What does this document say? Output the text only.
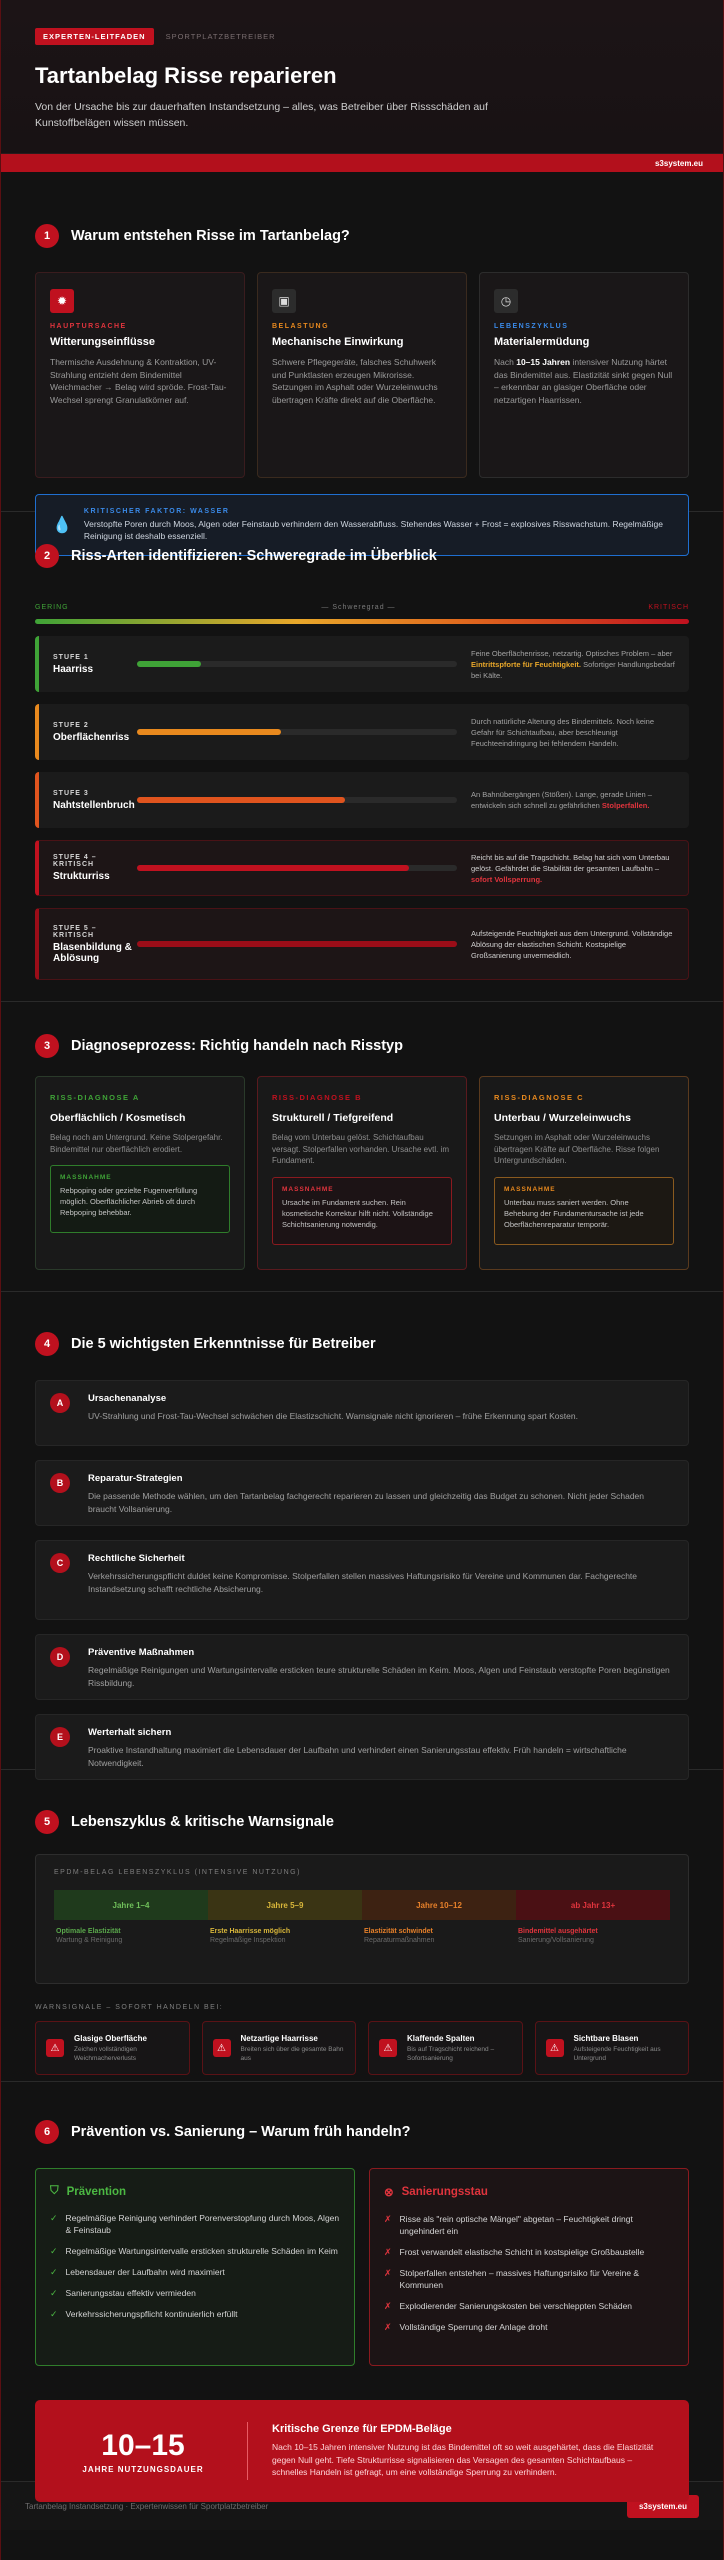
EXPERTEN-LEITFADEN	SPORTPLATZBETREIBER
Tartanbelag Risse reparieren

Von der Ursache bis zur dauerhaften Instandsetzung – alles, was Betreiber über Rissschäden auf Kunstoffbelägen wissen müssen.

s3system.eu
1	Warum entstehen Risse im Tartanbelag?
✹
HAUPTURSACHE
Witterungseinflüsse

Thermische Ausdehnung & Kontraktion, UV-Strahlung entzieht dem Bindemittel Weichmacher → Belag wird spröde. Frost-Tau-Wechsel sprengt Granulatkörner auf.

▣
BELASTUNG
Mechanische Einwirkung

Schwere Pflegegeräte, falsches Schuhwerk und Punktlasten erzeugen Mikrorisse. Setzungen im Asphalt oder Wurzeleinwuchs übertragen Kräfte direkt auf die Oberfläche.

◷
LEBENSZYKLUS
Materialermüdung

Nach 10–15 Jahren intensiver Nutzung härtet das Bindemittel aus. Elastizität sinkt gegen Null – erkennbar an glasiger Oberfläche oder netzartigen Haarrissen.

💧
KRITISCHER FAKTOR: WASSER

Verstopfte Poren durch Moos, Algen oder Feinstaub verhindern den Wasserabfluss. Stehendes Wasser + Frost = explosives Risswachstum. Regelmäßige Reinigung ist deshalb essenziell.

2	Riss-Arten identifizieren: Schweregrade im Überblick
GERING	— Schweregrad —	KRITISCH
STUFE 1
Haarriss
Feine Oberflächenrisse, netzartig. Optisches Problem – aber Eintrittspforte für Feuchtigkeit. Sofortiger Handlungsbedarf bei Kälte.
STUFE 2
Oberflächenriss
Durch natürliche Alterung des Bindemittels. Noch keine Gefahr für Schichtaufbau, aber beschleunigt Feuchteeindringung bei fehlendem Handeln.
STUFE 3
Nahtstellenbruch
An Bahnübergängen (Stößen). Lange, gerade Linien – entwickeln sich schnell zu gefährlichen Stolperfallen.
STUFE 4 – KRITISCH
Strukturriss
Reicht bis auf die Tragschicht. Belag hat sich vom Unterbau gelöst. Gefährdet die Stabilität der gesamten Laufbahn – sofort Vollsperrung.
STUFE 5 – KRITISCH
Blasenbildung & Ablösung
Aufsteigende Feuchtigkeit aus dem Untergrund. Vollständige Ablösung der elastischen Schicht. Kostspielige Großsanierung unvermeidlich.
3	Diagnoseprozess: Richtig handeln nach Risstyp
RISS-DIAGNOSE A
Oberflächlich / Kosmetisch

Belag noch am Untergrund. Keine Stolpergefahr. Bindemittel nur oberflächlich erodiert.

MASSNAHME
Rebpoping oder gezielte Fugenverfüllung möglich. Oberflächlicher Abrieb oft durch Rebpoping behebbar.
RISS-DIAGNOSE B
Strukturell / Tiefgreifend

Belag vom Unterbau gelöst. Schichtaufbau versagt. Stolperfallen vorhanden. Ursache evtl. im Fundament.

MASSNAHME
Ursache im Fundament suchen. Rein kosmetische Korrektur hilft nicht. Vollständige Schichtsanierung notwendig.
RISS-DIAGNOSE C
Unterbau / Wurzeleinwuchs

Setzungen im Asphalt oder Wurzeleinwuchs übertragen Kräfte auf Oberfläche. Risse folgen Untergrundschäden.

MASSNAHME
Unterbau muss saniert werden. Ohne Behebung der Fundamentursache ist jede Oberflächenreparatur temporär.
4	Die 5 wichtigsten Erkenntnisse für Betreiber
A	Ursachenanalyse

UV-Strahlung und Frost-Tau-Wechsel schwächen die Elastizschicht. Warnsignale nicht ignorieren – frühe Erkennung spart Kosten.

B	Reparatur-Strategien

Die passende Methode wählen, um den Tartanbelag fachgerecht reparieren zu lassen und gleichzeitig das Budget zu schonen. Nicht jeder Schaden braucht Vollsanierung.

C	Rechtliche Sicherheit

Verkehrssicherungspflicht duldet keine Kompromisse. Stolperfallen stellen massives Haftungsrisiko für Vereine und Kommunen dar. Fachgerechte Instandsetzung schafft rechtliche Absicherung.

D	Präventive Maßnahmen

Regelmäßige Reinigungen und Wartungsintervalle ersticken teure strukturelle Schäden im Keim. Moos, Algen und Feinstaub verstopfte Poren begünstigen Rissbildung.

E	Werterhalt sichern

Proaktive Instandhaltung maximiert die Lebensdauer der Laufbahn und verhindert einen Sanierungsstau effektiv. Früh handeln = wirtschaftliche Notwendigkeit.

5	Lebenszyklus & kritische Warnsignale
EPDM-BELAG LEBENSZYKLUS (INTENSIVE NUTZUNG)
Jahre 1–4	Jahre 5–9	Jahre 10–12	ab Jahr 13+
Optimale Elastizität
Wartung & Reinigung
Erste Haarrisse möglich
Regelmäßige Inspektion
Elastizität schwindet
Reparaturmaßnahmen
Bindemittel ausgehärtet
Sanierung/Vollsanierung
WARNSIGNALE – SOFORT HANDELN BEI:
⚠
Glasige Oberfläche

Zeichen vollständigen Weichmacherverlusts

⚠
Netzartige Haarrisse

Breiten sich über die gesamte Bahn aus

⚠
Klaffende Spalten

Bis auf Tragschicht reichend – Sofortsanierung

⚠
Sichtbare Blasen

Aufsteigende Feuchtigkeit aus Untergrund

6	Prävention vs. Sanierung – Warum früh handeln?
⛉ Prävention
✓ Regelmäßige Reinigung verhindert Porenverstopfung durch Moos, Algen & Feinstaub
✓ Regelmäßige Wartungsintervalle ersticken strukturelle Schäden im Keim
✓ Lebensdauer der Laufbahn wird maximiert
✓ Sanierungsstau effektiv vermieden
✓ Verkehrssicherungspflicht kontinuierlich erfüllt
⊗ Sanierungsstau
✗ Risse als "rein optische Mängel" abgetan – Feuchtigkeit dringt ungehindert ein
✗ Frost verwandelt elastische Schicht in kostspielige Großbaustelle
✗ Stolperfallen entstehen – massives Haftungsrisiko für Vereine & Kommunen
✗ Explodierender Sanierungskosten bei verschleppten Schäden
✗ Vollständige Sperrung der Anlage droht
10–15
JAHRE NUTZUNGSDAUER
Kritische Grenze für EPDM-Beläge

Nach 10–15 Jahren intensiver Nutzung ist das Bindemittel oft so weit ausgehärtet, dass die Elastizität gegen Null geht. Tiefe Strukturrisse signalisieren das Versagen des gesamten Schichtaufbaus – schnelles Handeln ist gefragt, um eine vollständige Sperrung zu verhindern.

Tartanbelag Instandsetzung · Expertenwissen für Sportplatzbetreiber	s3system.eu
